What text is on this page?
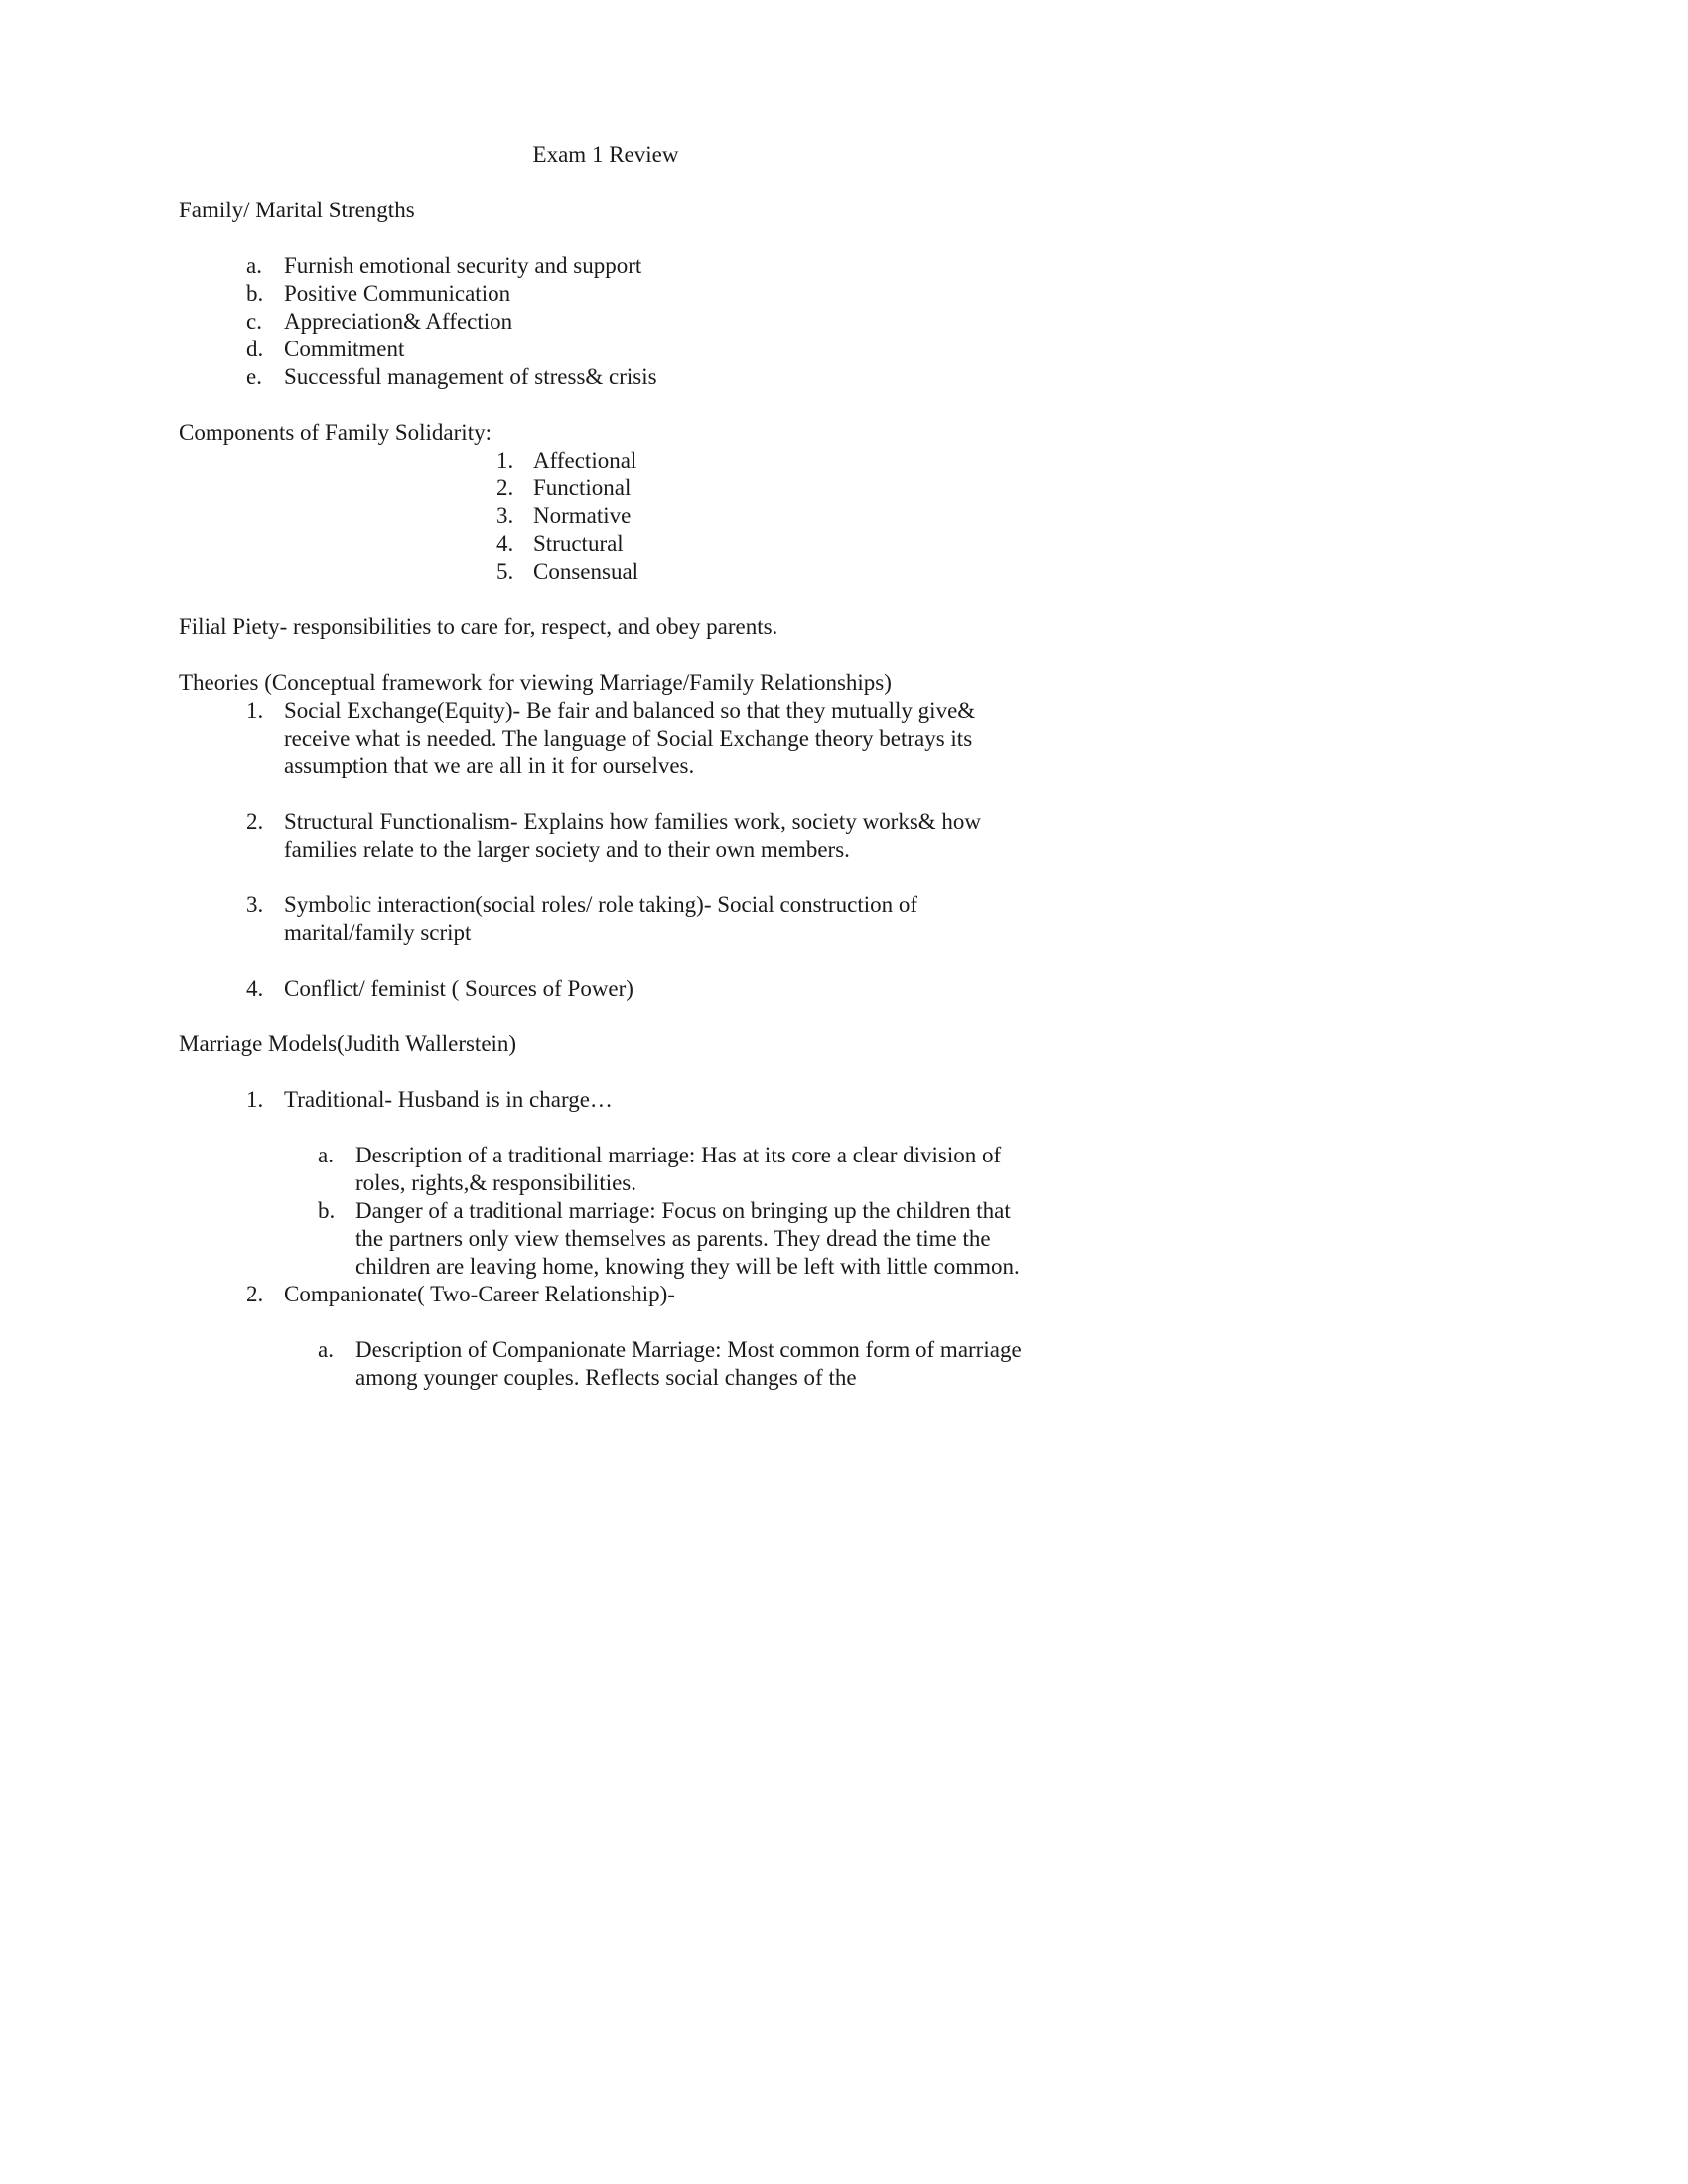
Exam 1 Review

Family/ Marital Strengths

a. Furnish emotional security and support
b. Positive Communication
c. Appreciation& Affection
d. Commitment
e. Successful management of stress& crisis

Components of Family Solidarity:

1. Affectional
2. Functional
3. Normative
4. Structural
5. Consensual

Filial Piety- responsibilities to care for, respect, and obey parents.

Theories (Conceptual framework for viewing Marriage/Family Relationships)

1. Social Exchange(Equity)- Be fair and balanced so that they mutually give& receive what is needed. The language of Social Exchange theory betrays its assumption that we are all in it for ourselves.
2. Structural Functionalism- Explains how families work, society works& how families relate to the larger society and to their own members.
3. Symbolic interaction(social roles/ role taking)- Social construction of marital/family script
4. Conflict/ feminist ( Sources of Power)

Marriage Models(Judith Wallerstein)

1. Traditional- Husband is in charge…
a. Description of a traditional marriage: Has at its core a clear division of roles, rights,& responsibilities.
b. Danger of a traditional marriage: Focus on bringing up the children that the partners only view themselves as parents. They dread the time the children are leaving home, knowing they will be left with little common.
2. Companionate( Two-Career Relationship)-
a. Description of Companionate Marriage: Most common form of marriage among younger couples. Reflects social changes of the
